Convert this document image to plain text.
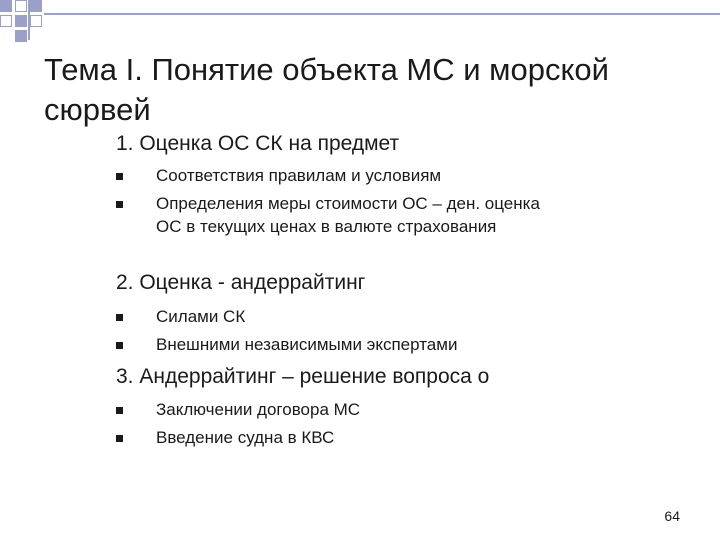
Тема I. Понятие объекта МС и морской сюрвей
1. Оценка ОС СК на предмет
Соответствия правилам и условиям
Определения меры стоимости ОС – ден. оценка ОС в текущих ценах в валюте страхования
2. Оценка - андеррайтинг
Силами СК
Внешними независимыми экспертами
3. Андеррайтинг – решение вопроса о
Заключении договора МС
Введение судна в КВС
64
